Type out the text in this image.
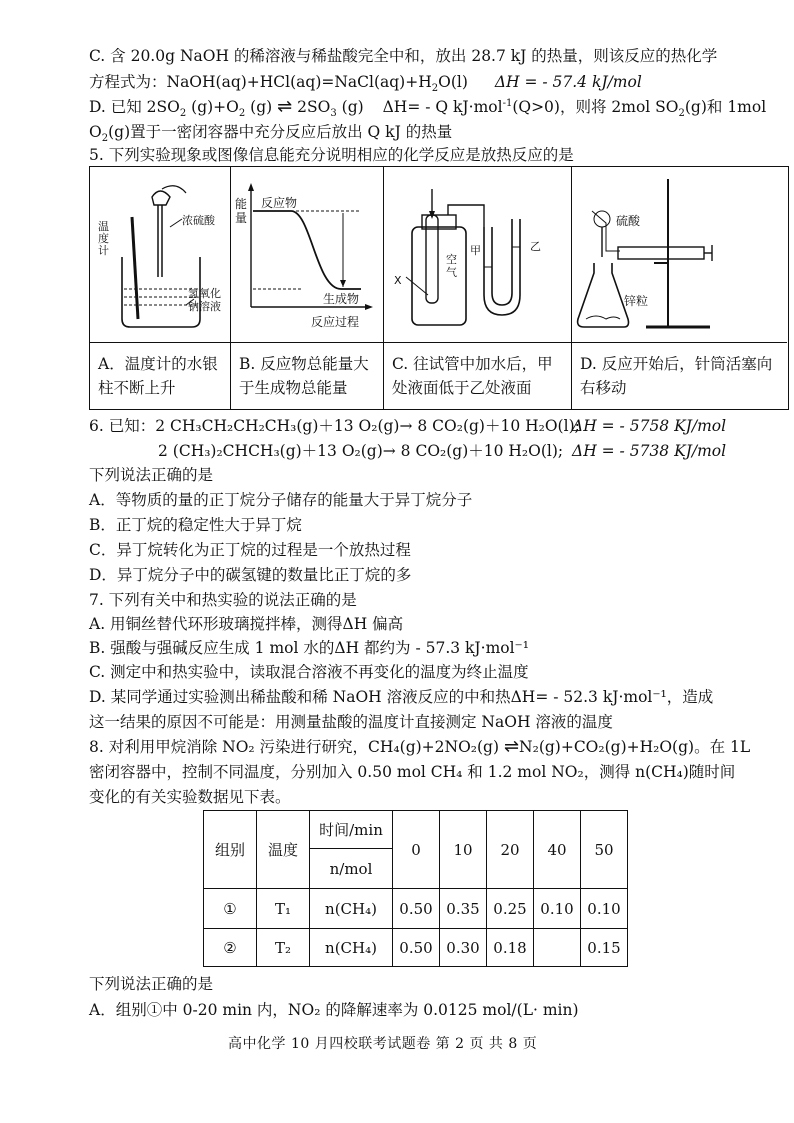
C. 含 20.0g NaOH 的稀溶液与稀盐酸完全中和，放出 28.7 kJ 的热量，则该反应的热化学
方程式为：$NaOH(aq)+HCl(aq)=NaCl(aq)+H_2O(l) \Delta H$ = - 57.4 kJ/mol
D. 已知 $2SO_2$ $(g)+O_2$ (g) ⇌ $2SO_3$ (g) ΔH= - Q kJ·mol$^{-1}$(Q>0)，则将 2mol $SO_2(g)$和 1mol
$O_2(g)$置于一密闭容器中充分反应后放出 Q kJ 的热量
5. 下列实验现象或图像信息能充分说明相应的化学反应是放热反应的是
温
度
计
浓硫酸
氢氧化
钠溶液
A．温度计的水银柱不断上升
能
量
反应物
生成物
反应过程
B. 反应物总能量大于生成物总能量
X
空
气
甲	乙
C. 往试管中加水后，甲处液面低于乙处液面
硫酸
锌粒
D. 反应开始后，针筒活塞向右移动
6. 已知：2 CH₃CH₂CH₂CH₃(g)＋13 O₂(g)→ 8 CO₂(g)＋10 H₂O(l);
ΔH = - 5758 KJ/mol
2 (CH₃)₂CHCH₃(g)＋13 O₂(g)→ 8 CO₂(g)＋10 H₂O(l); ΔH = - 5738 KJ/mol
下列说法正确的是
A．等物质的量的正丁烷分子储存的能量大于异丁烷分子
B．正丁烷的稳定性大于异丁烷
C．异丁烷转化为正丁烷的过程是一个放热过程
D．异丁烷分子中的碳氢键的数量比正丁烷的多
7. 下列有关中和热实验的说法正确的是
A. 用铜丝替代环形玻璃搅拌棒，测得ΔH 偏高
B. 强酸与强碱反应生成 1 mol 水的ΔH 都约为 - 57.3 kJ·mol⁻¹
C. 测定中和热实验中，读取混合溶液不再变化的温度为终止温度
D. 某同学通过实验测出稀盐酸和稀 NaOH 溶液反应的中和热ΔH= - 52.3 kJ·mol⁻¹，造成
这一结果的原因不可能是：用测量盐酸的温度计直接测定 NaOH 溶液的温度
8. 对利用甲烷消除 NO₂ 污染进行研究，CH₄(g)+2NO₂(g) ⇌N₂(g)+CO₂(g)+H₂O(g)。在 1L
密闭容器中，控制不同温度，分别加入 0.50 mol CH₄ 和 1.2 mol NO₂，测得 n(CH₄)随时间
变化的有关实验数据见下表。
组别	温度	时间/min	0	10	20	40	50
		n/mol					
①	T₁	n(CH₄)	0.50	0.35	0.25	0.10	0.10
②	T₂	n(CH₄)	0.50	0.30	0.18		0.15
下列说法正确的是
A．组别①中 0-20 min 内，NO₂ 的降解速率为 0.0125 mol/(L· min)
高中化学 10 月四校联考试题卷 第 2 页 共 8 页
